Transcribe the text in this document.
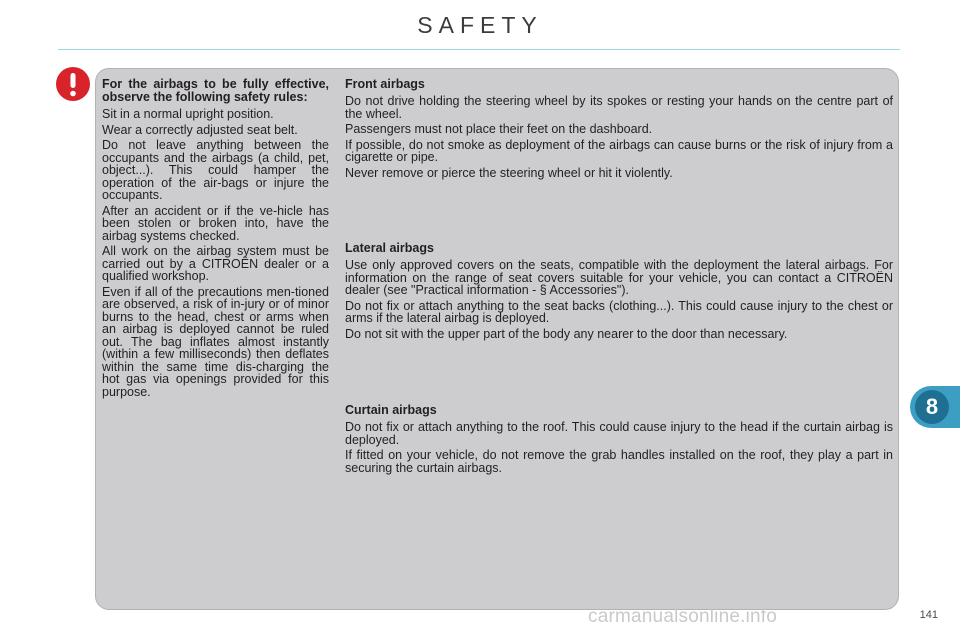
SAFETY
For the airbags to be fully effective, observe the following safety rules:
Sit in a normal upright position.
Wear a correctly adjusted seat belt.
Do not leave anything between the occupants and the airbags (a child, pet, object...). This could hamper the operation of the air-bags or injure the occupants.
After an accident or if the ve-hicle has been stolen or broken into, have the airbag systems checked.
All work on the airbag system must be carried out by a CITROËN dealer or a qualified workshop.
Even if all of the precautions men-tioned are observed, a risk of in-jury or of minor burns to the head, chest or arms when an airbag is deployed cannot be ruled out. The bag inflates almost instantly (within a few milliseconds) then deflates within the same time dis-charging the hot gas via openings provided for this purpose.
Front airbags
Do not drive holding the steering wheel by its spokes or resting your hands on the centre part of the wheel.
Passengers must not place their feet on the dashboard.
If possible, do not smoke as deployment of the airbags can cause burns or the risk of injury from a cigarette or pipe.
Never remove or pierce the steering wheel or hit it violently.
Lateral airbags
Use only approved covers on the seats, compatible with the deployment the lateral airbags. For information on the range of seat covers suitable for your vehicle, you can contact a CITROËN dealer (see "Practical information - § Accessories").
Do not fix or attach anything to the seat backs (clothing...). This could cause injury to the chest or arms if the lateral airbag is deployed.
Do not sit with the upper part of the body any nearer to the door than necessary.
Curtain airbags
Do not fix or attach anything to the roof. This could cause injury to the head if the curtain airbag is deployed.
If fitted on your vehicle, do not remove the grab handles installed on the roof, they play a part in securing the curtain airbags.
8
carmanualsonline.info	141
